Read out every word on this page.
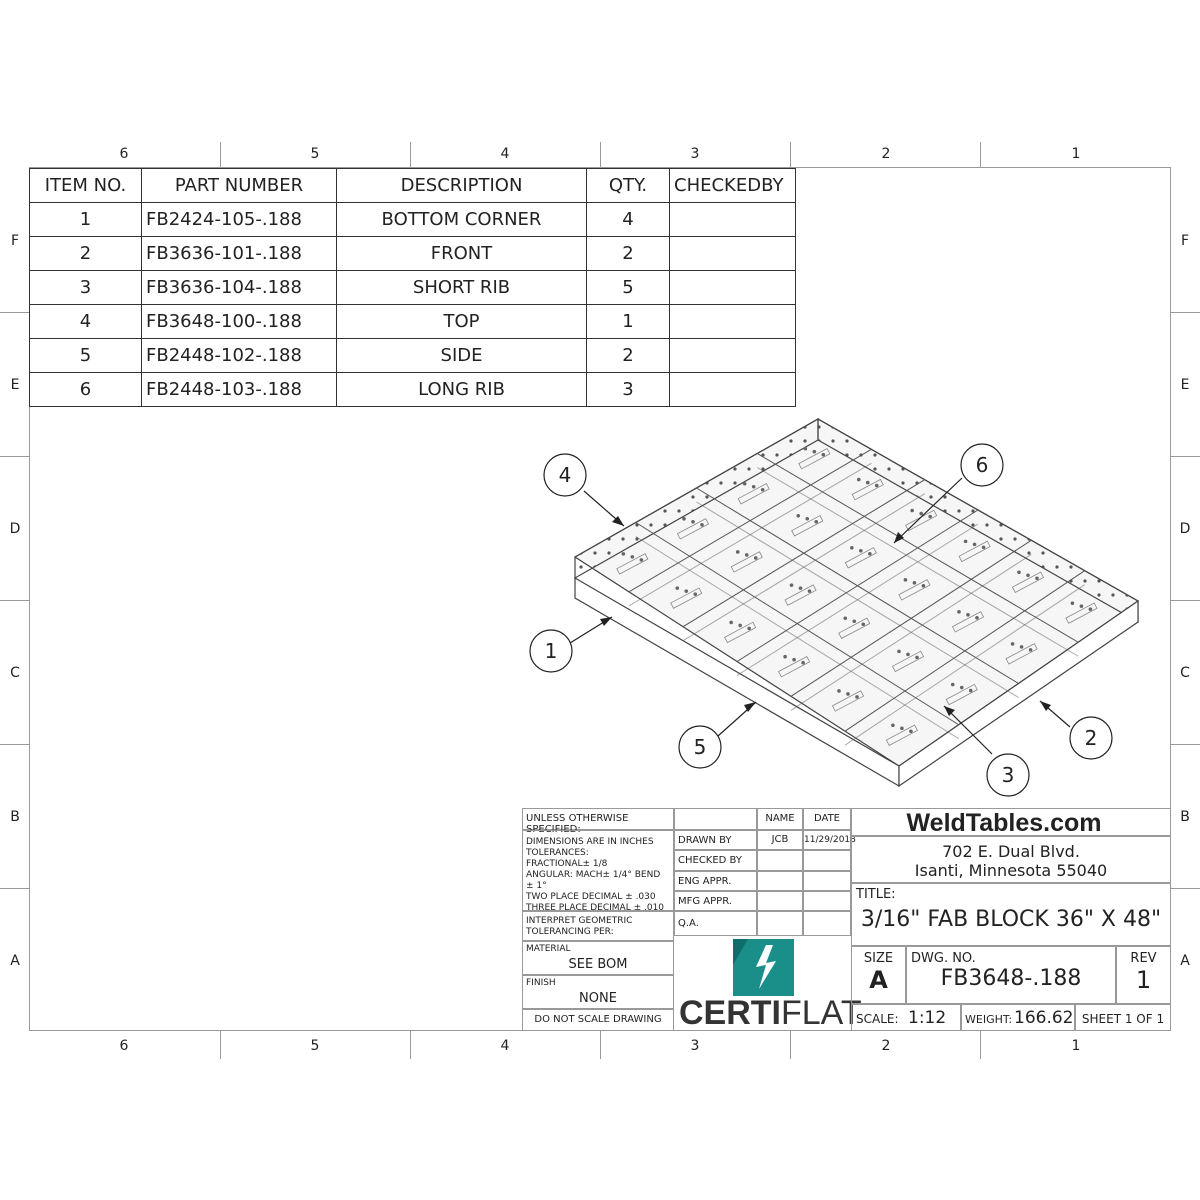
6	5	4	3	2	1
6	5	4	3	2	1
F
E
D
C
B
A
F
E
D
C
B
A
ITEM NO.	PART NUMBER	DESCRIPTION	QTY.	CHECKEDBY
1	FB2424-105-.188	BOTTOM CORNER	4	
2	FB3636-101-.188	FRONT	2	
3	FB3636-104-.188	SHORT RIB	5	
4	FB3648-100-.188	TOP	1	
5	FB2448-102-.188	SIDE	2	
6	FB2448-103-.188	LONG RIB	3	
4	6
1
2
5
3
UNLESS OTHERWISE SPECIFIED:
DIMENSIONS ARE IN INCHES
TOLERANCES:
FRACTIONAL± 1/8
ANGULAR: MACH± 1/4° BEND ± 1°
TWO PLACE DECIMAL ± .030
THREE PLACE DECIMAL ± .010
INTERPRET GEOMETRIC
TOLERANCING PER:
MATERIAL
SEE BOM
FINISH
NONE
DO NOT SCALE DRAWING
NAME	DATE
DRAWN BY	JCB	11/29/2018
CHECKED BY
ENG APPR.
MFG APPR.
Q.A.
CERTIFLAT
WeldTables.com
702 E. Dual Blvd.
Isanti, Minnesota 55040
TITLE:
3/16" FAB BLOCK 36" X 48"
SIZE
A
DWG. NO.
FB3648-.188
REV
1
SCALE: 1:12 WEIGHT: 166.62 SHEET 1 OF 1
